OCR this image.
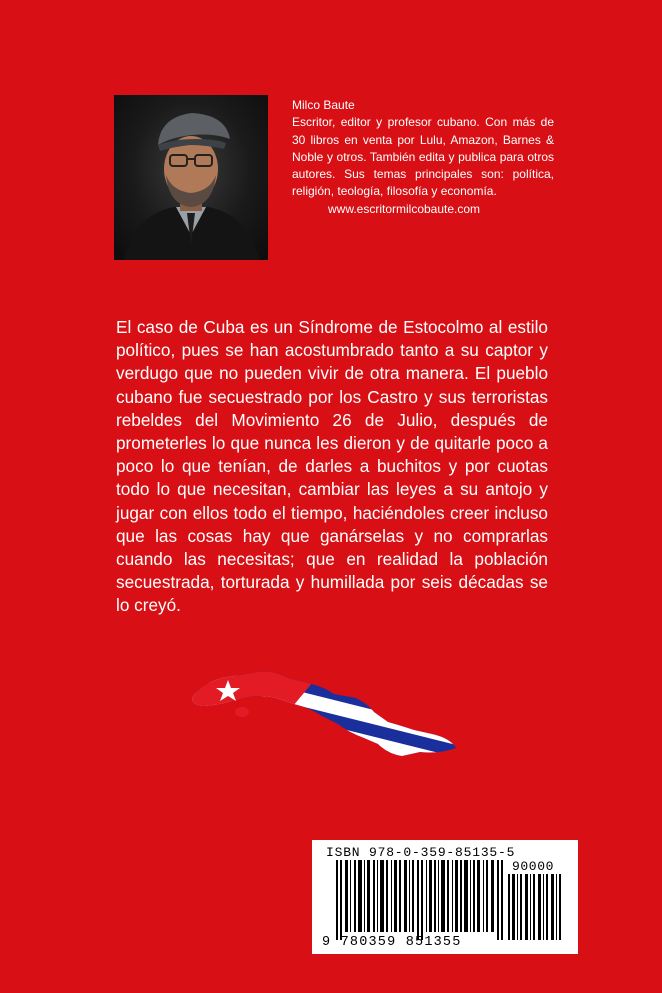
Milco Baute
Escritor, editor y profesor cubano. Con más de 30 libros en venta por Lulu, Amazon, Barnes & Noble y otros. También edita y publica para otros autores. Sus temas principales son: política, religión, teología, filosofía y economía.
www.escritormilcobaute.com
El caso de Cuba es un Síndrome de Estocolmo al estilo político, pues se han acostumbrado tanto a su captor y verdugo que no pueden vivir de otra manera. El pueblo cubano fue secuestrado por los Castro y sus terroristas rebeldes del Movimiento 26 de Julio, después de prometerles lo que nunca les dieron y de quitarle poco a poco lo que tenían, de darles a buchitos y por cuotas todo lo que necesitan, cambiar las leyes a su antojo y jugar con ellos todo el tiempo, haciéndoles creer incluso que las cosas hay que ganárselas y no comprarlas cuando las necesitas; que en realidad la población secuestrada, torturada y humillada por seis décadas se lo creyó.
ISBN 978-0-359-85135-5
90000
9 780359 851355
